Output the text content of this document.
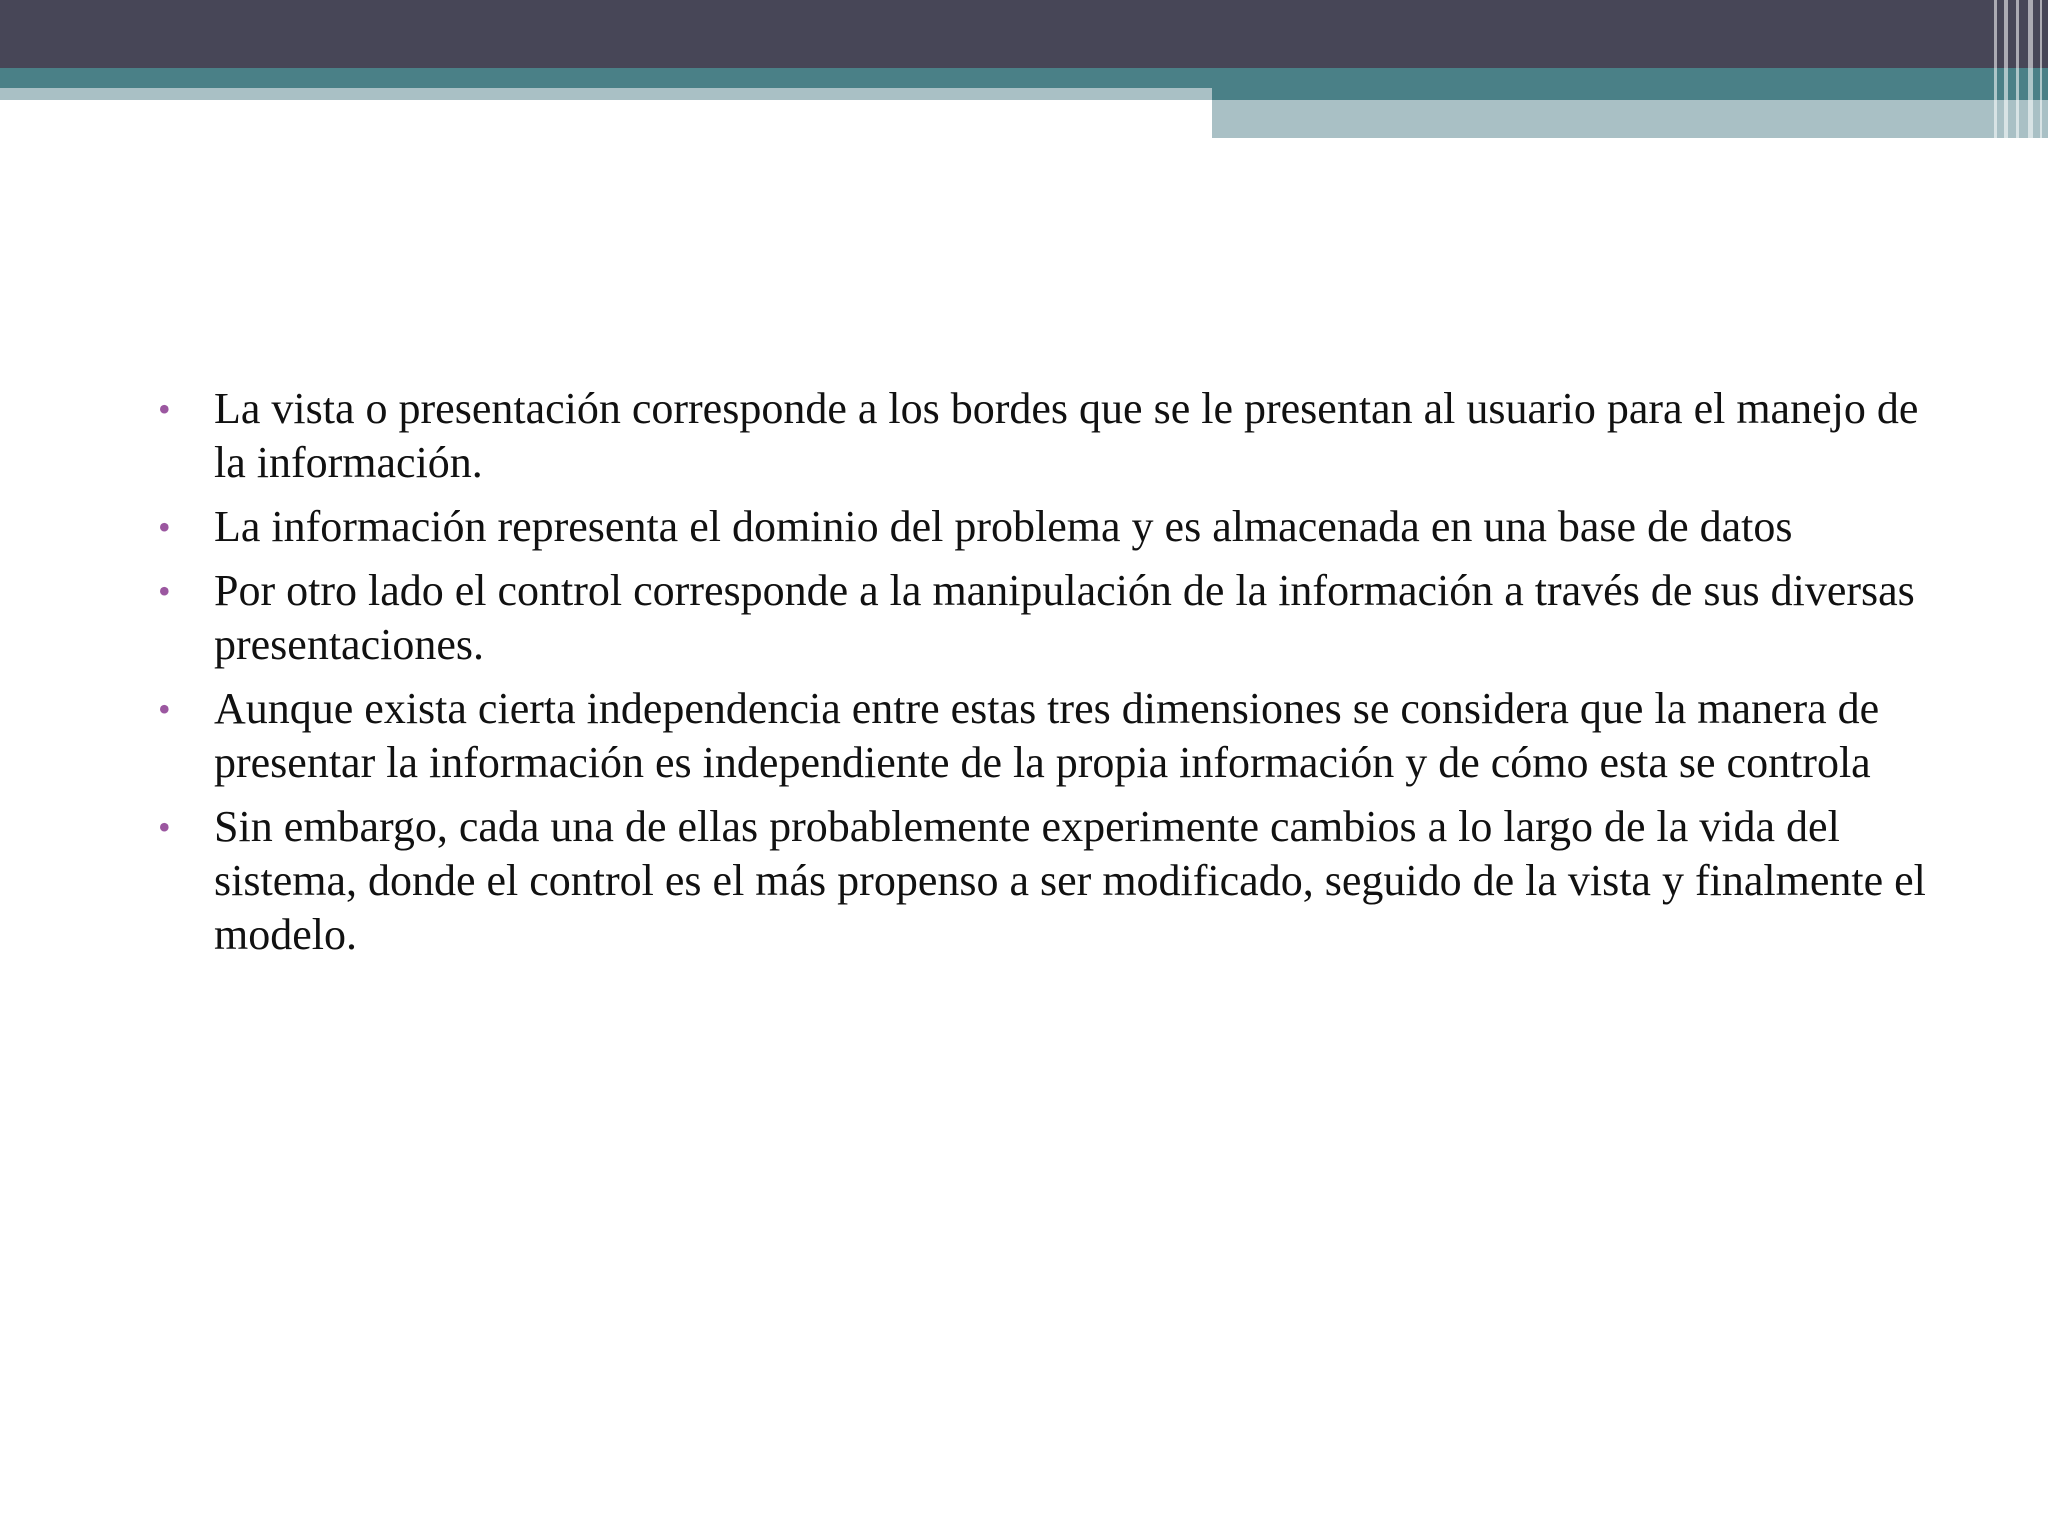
• La vista o presentación corresponde a los bordes que se le presentan al usuario para el manejo de la información.
• La información representa el dominio del problema y es almacenada en una base de datos
• Por otro lado el control corresponde a la manipulación de la información a través de sus diversas presentaciones.
• Aunque exista cierta independencia entre estas tres dimensiones se considera que la manera de presentar la información es independiente de la propia información y de cómo esta se controla
• Sin embargo, cada una de ellas probablemente experimente cambios a lo largo de la vida del sistema, donde el control es el más propenso a ser modificado, seguido de la vista y finalmente el modelo.
